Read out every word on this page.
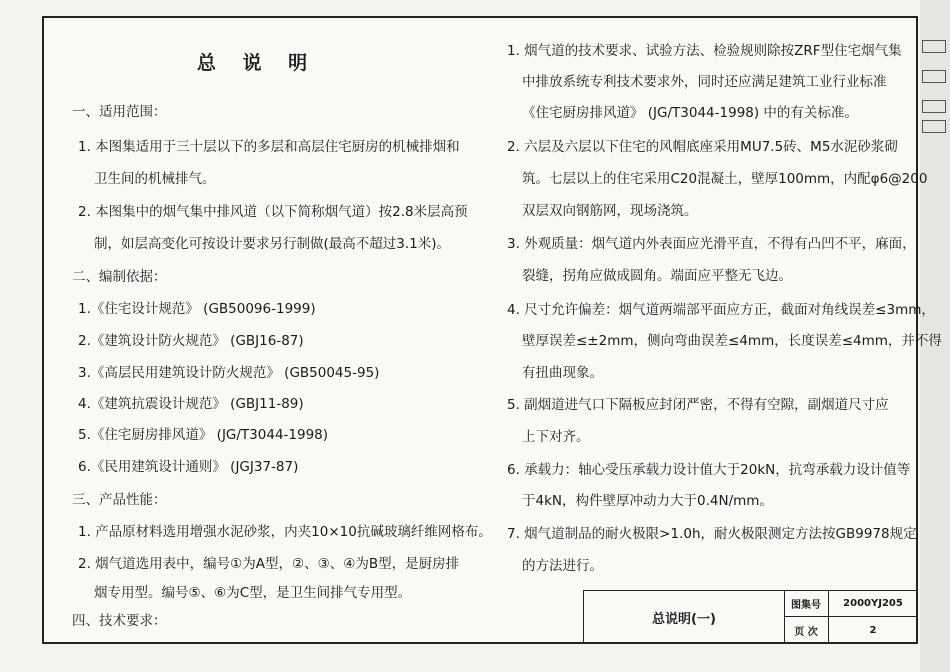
总 说 明
一、适用范围：
1. 本图集适用于三十层以下的多层和高层住宅厨房的机械排烟和
卫生间的机械排气。
2. 本图集中的烟气集中排风道（以下简称烟气道）按2.8米层高预
制，如层高变化可按设计要求另行制做(最高不超过3.1米)。
二、编制依据：
1.《住宅设计规范》 (GB50096-1999)
2.《建筑设计防火规范》 (GBJ16-87)
3.《高层民用建筑设计防火规范》 (GB50045-95)
4.《建筑抗震设计规范》 (GBJ11-89)
5.《住宅厨房排风道》 (JG/T3044-1998)
6.《民用建筑设计通则》 (JGJ37-87)
三、产品性能：
1. 产品原材料选用增强水泥砂浆，内夹10×10抗碱玻璃纤维网格布。
2. 烟气道选用表中，编号①为A型，②、③、④为B型，是厨房排
烟专用型。编号⑤、⑥为C型，是卫生间排气专用型。
四、技术要求：
1. 烟气道的技术要求、试验方法、检验规则除按ZRF型住宅烟气集
中排放系统专利技术要求外，同时还应满足建筑工业行业标准
《住宅厨房排风道》 (JG/T3044-1998) 中的有关标准。
2. 六层及六层以下住宅的风帽底座采用MU7.5砖、M5水泥砂浆砌
筑。七层以上的住宅采用C20混凝土，壁厚100mm，内配φ6@200
双层双向钢筋网，现场浇筑。
3. 外观质量：烟气道内外表面应光滑平直，不得有凸凹不平，麻面，
裂缝，拐角应做成圆角。端面应平整无飞边。
4. 尺寸允许偏差：烟气道两端部平面应方正，截面对角线误差≤3mm，
壁厚误差≤±2mm，侧向弯曲误差≤4mm，长度误差≤4mm，并不得
有扭曲现象。
5. 副烟道进气口下隔板应封闭严密，不得有空隙，副烟道尺寸应
上下对齐。
6. 承载力：轴心受压承载力设计值大于20kN，抗弯承载力设计值等
于4kN，构件壁厚冲动力大于0.4N/mm。
7. 烟气道制品的耐火极限>1.0h，耐火极限测定方法按GB9978规定
的方法进行。
总说明(一)
图集号	2000YJ205
页 次	2
